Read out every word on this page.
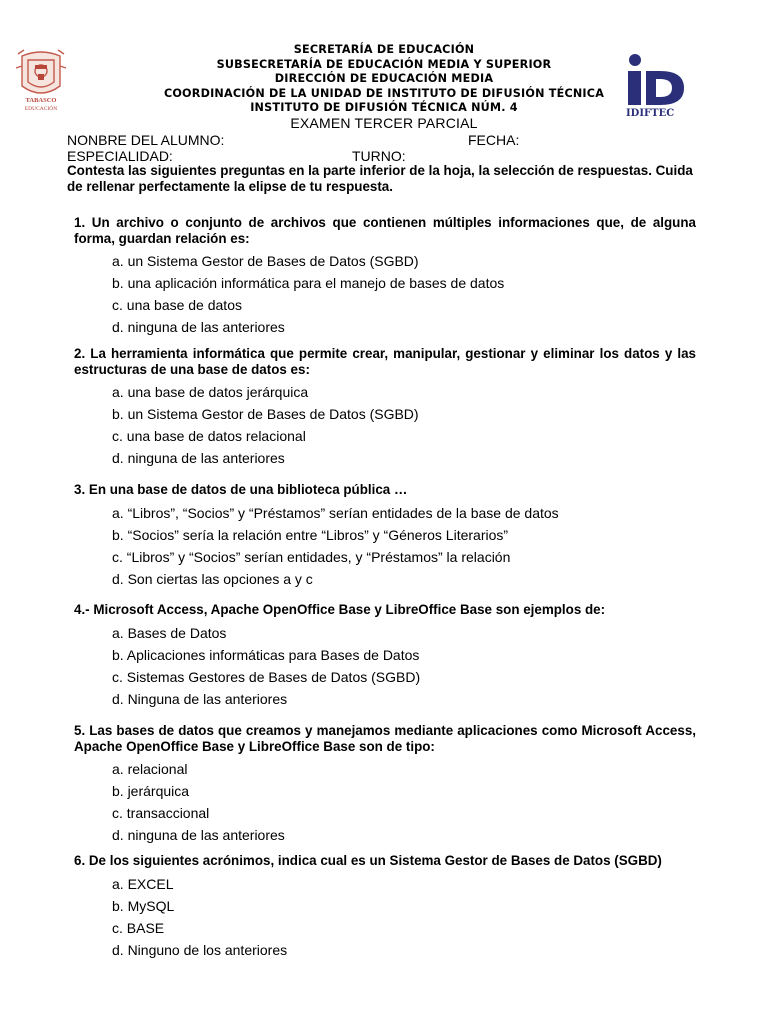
TABASCO
EDUCACIÓN	IDIFTEC
SECRETARÍA DE EDUCACIÓN
SUBSECRETARÍA DE EDUCACIÓN MEDIA Y SUPERIOR
DIRECCIÓN DE EDUCACIÓN MEDIA
COORDINACIÓN DE LA UNIDAD DE INSTITUTO DE DIFUSIÓN TÉCNICA
INSTITUTO DE DIFUSIÓN TÉCNICA NÚM. 4
EXAMEN TERCER PARCIAL
NONBRE DEL ALUMNO:	FECHA:
ESPECIALIDAD:	TURNO:
Contesta las siguientes preguntas en la parte inferior de la hoja, la selección de respuestas. Cuida de rellenar perfectamente la elipse de tu respuesta.
1. Un archivo o conjunto de archivos que contienen múltiples informaciones que, de alguna forma, guardan relación es:
a. un Sistema Gestor de Bases de Datos (SGBD)
b. una aplicación informática para el manejo de bases de datos
c. una base de datos
d. ninguna de las anteriores
2. La herramienta informática que permite crear, manipular, gestionar y eliminar los datos y las estructuras de una base de datos es:
a. una base de datos jerárquica
b. un Sistema Gestor de Bases de Datos (SGBD)
c. una base de datos relacional
d. ninguna de las anteriores
3. En una base de datos de una biblioteca pública …
a. “Libros”, “Socios” y “Préstamos” serían entidades de la base de datos
b. “Socios” sería la relación entre “Libros” y “Géneros Literarios”
c. “Libros” y “Socios” serían entidades, y “Préstamos” la relación
d. Son ciertas las opciones a y c
4.- Microsoft Access, Apache OpenOffice Base y LibreOffice Base son ejemplos de:
a. Bases de Datos
b. Aplicaciones informáticas para Bases de Datos
c. Sistemas Gestores de Bases de Datos (SGBD)
d. Ninguna de las anteriores
5. Las bases de datos que creamos y manejamos mediante aplicaciones como Microsoft Access, Apache OpenOffice Base y LibreOffice Base son de tipo:
a. relacional
b. jerárquica
c. transaccional
d. ninguna de las anteriores
6. De los siguientes acrónimos, indica cual es un Sistema Gestor de Bases de Datos (SGBD)
a. EXCEL
b. MySQL
c. BASE
d. Ninguno de los anteriores
